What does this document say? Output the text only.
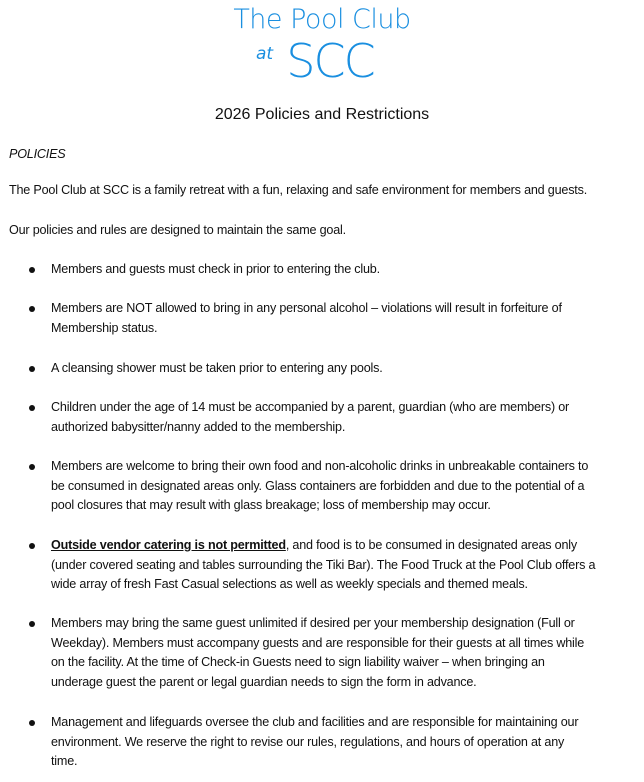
The Pool Club
at SCC
2026 Policies and Restrictions
POLICIES
The Pool Club at SCC is a family retreat with a fun, relaxing and safe environment for members and guests.
Our policies and rules are designed to maintain the same goal.
Members and guests must check in prior to entering the club.
Members are NOT allowed to bring in any personal alcohol – violations will result in forfeiture of
Membership status.
A cleansing shower must be taken prior to entering any pools.
Children under the age of 14 must be accompanied by a parent, guardian (who are members) or
authorized babysitter/nanny added to the membership.
Members are welcome to bring their own food and non-alcoholic drinks in unbreakable containers to
be consumed in designated areas only. Glass containers are forbidden and due to the potential of a
pool closures that may result with glass breakage; loss of membership may occur.
Outside vendor catering is not permitted, and food is to be consumed in designated areas only
(under covered seating and tables surrounding the Tiki Bar). The Food Truck at the Pool Club offers a
wide array of fresh Fast Casual selections as well as weekly specials and themed meals.
Members may bring the same guest unlimited if desired per your membership designation (Full or
Weekday). Members must accompany guests and are responsible for their guests at all times while
on the facility. At the time of Check-in Guests need to sign liability waiver – when bringing an
underage guest the parent or legal guardian needs to sign the form in advance.
Management and lifeguards oversee the club and facilities and are responsible for maintaining our
environment. We reserve the right to revise our rules, regulations, and hours of operation at any
time.
